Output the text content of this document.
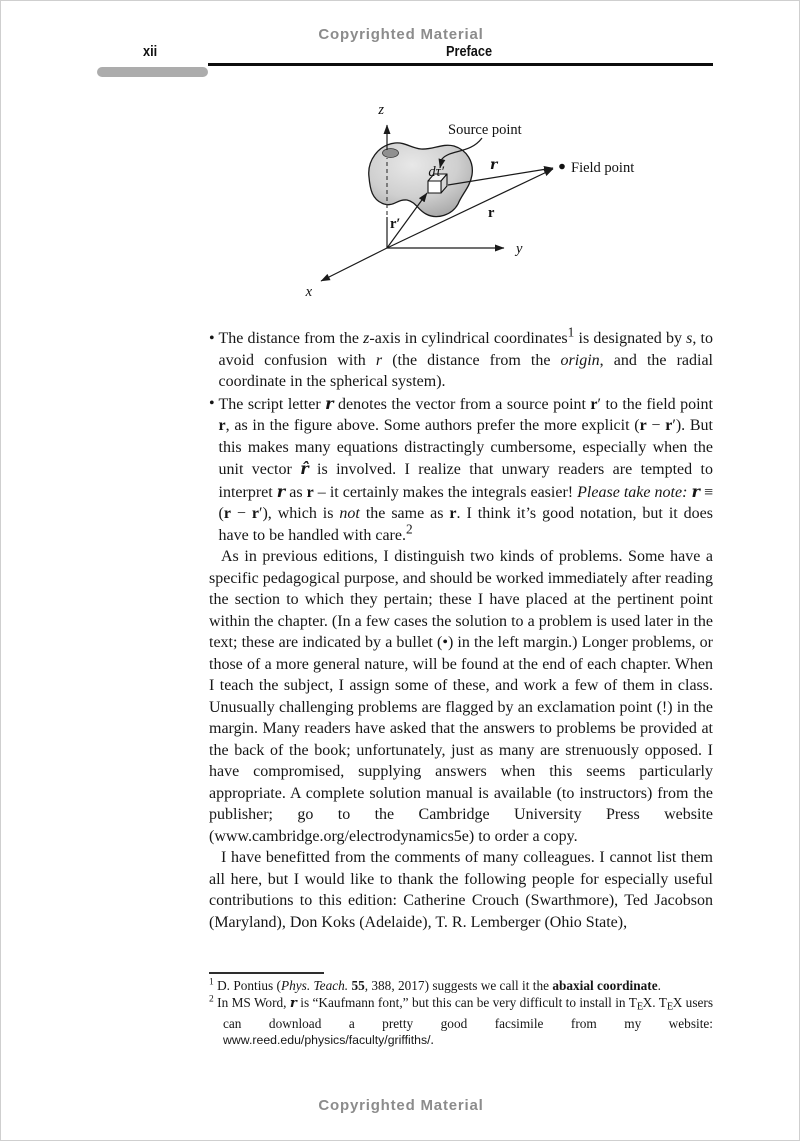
Copyrighted Material
xii	Preface
z
y
x
Source point
Field point
r
r
r′
dτ′
• The distance from the z-axis in cylindrical coordinates$^1$ is designated by s, to avoid confusion with r (the distance from the origin, and the radial coordinate in the spherical system).
• The script letter r denotes the vector from a source point r′ to the field point r, as in the figure above. Some authors prefer the more explicit (r − r′). But this makes many equations distractingly cumbersome, especially when the unit vector r̂ is involved. I realize that unwary readers are tempted to interpret r as r – it certainly makes the integrals easier! Please take note: r ≡ (r − r′), which is not the same as r. I think it’s good notation, but it does have to be handled with care.$^2$

As in previous editions, I distinguish two kinds of problems. Some have a specific pedagogical purpose, and should be worked immediately after reading the section to which they pertain; these I have placed at the pertinent point within the chapter. (In a few cases the solution to a problem is used later in the text; these are indicated by a bullet (•) in the left margin.) Longer problems, or those of a more general nature, will be found at the end of each chapter. When I teach the subject, I assign some of these, and work a few of them in class. Unusually challenging problems are flagged by an exclamation point (!) in the margin. Many readers have asked that the answers to problems be provided at the back of the book; unfortunately, just as many are strenuously opposed. I have compromised, supplying answers when this seems particularly appropriate. A complete solution manual is available (to instructors) from the publisher; go to the Cambridge University Press website (www.cambridge.org/electrodynamics5e) to order a copy.

I have benefitted from the comments of many colleagues. I cannot list them all here, but I would like to thank the following people for especially useful contributions to this edition: Catherine Crouch (Swarthmore), Ted Jacobson (Maryland), Don Koks (Adelaide), T. R. Lemberger (Ohio State),

$^1$ D. Pontius (Phys. Teach. 55, 388, 2017) suggests we call it the abaxial coordinate.
$^2$ In MS Word, r is “Kaufmann font,” but this can be very difficult to install in $T_EX$. $T_EX$ users can download a pretty good facsimile from my website: www.reed.edu/physics/faculty/griffiths/.
Copyrighted Material
